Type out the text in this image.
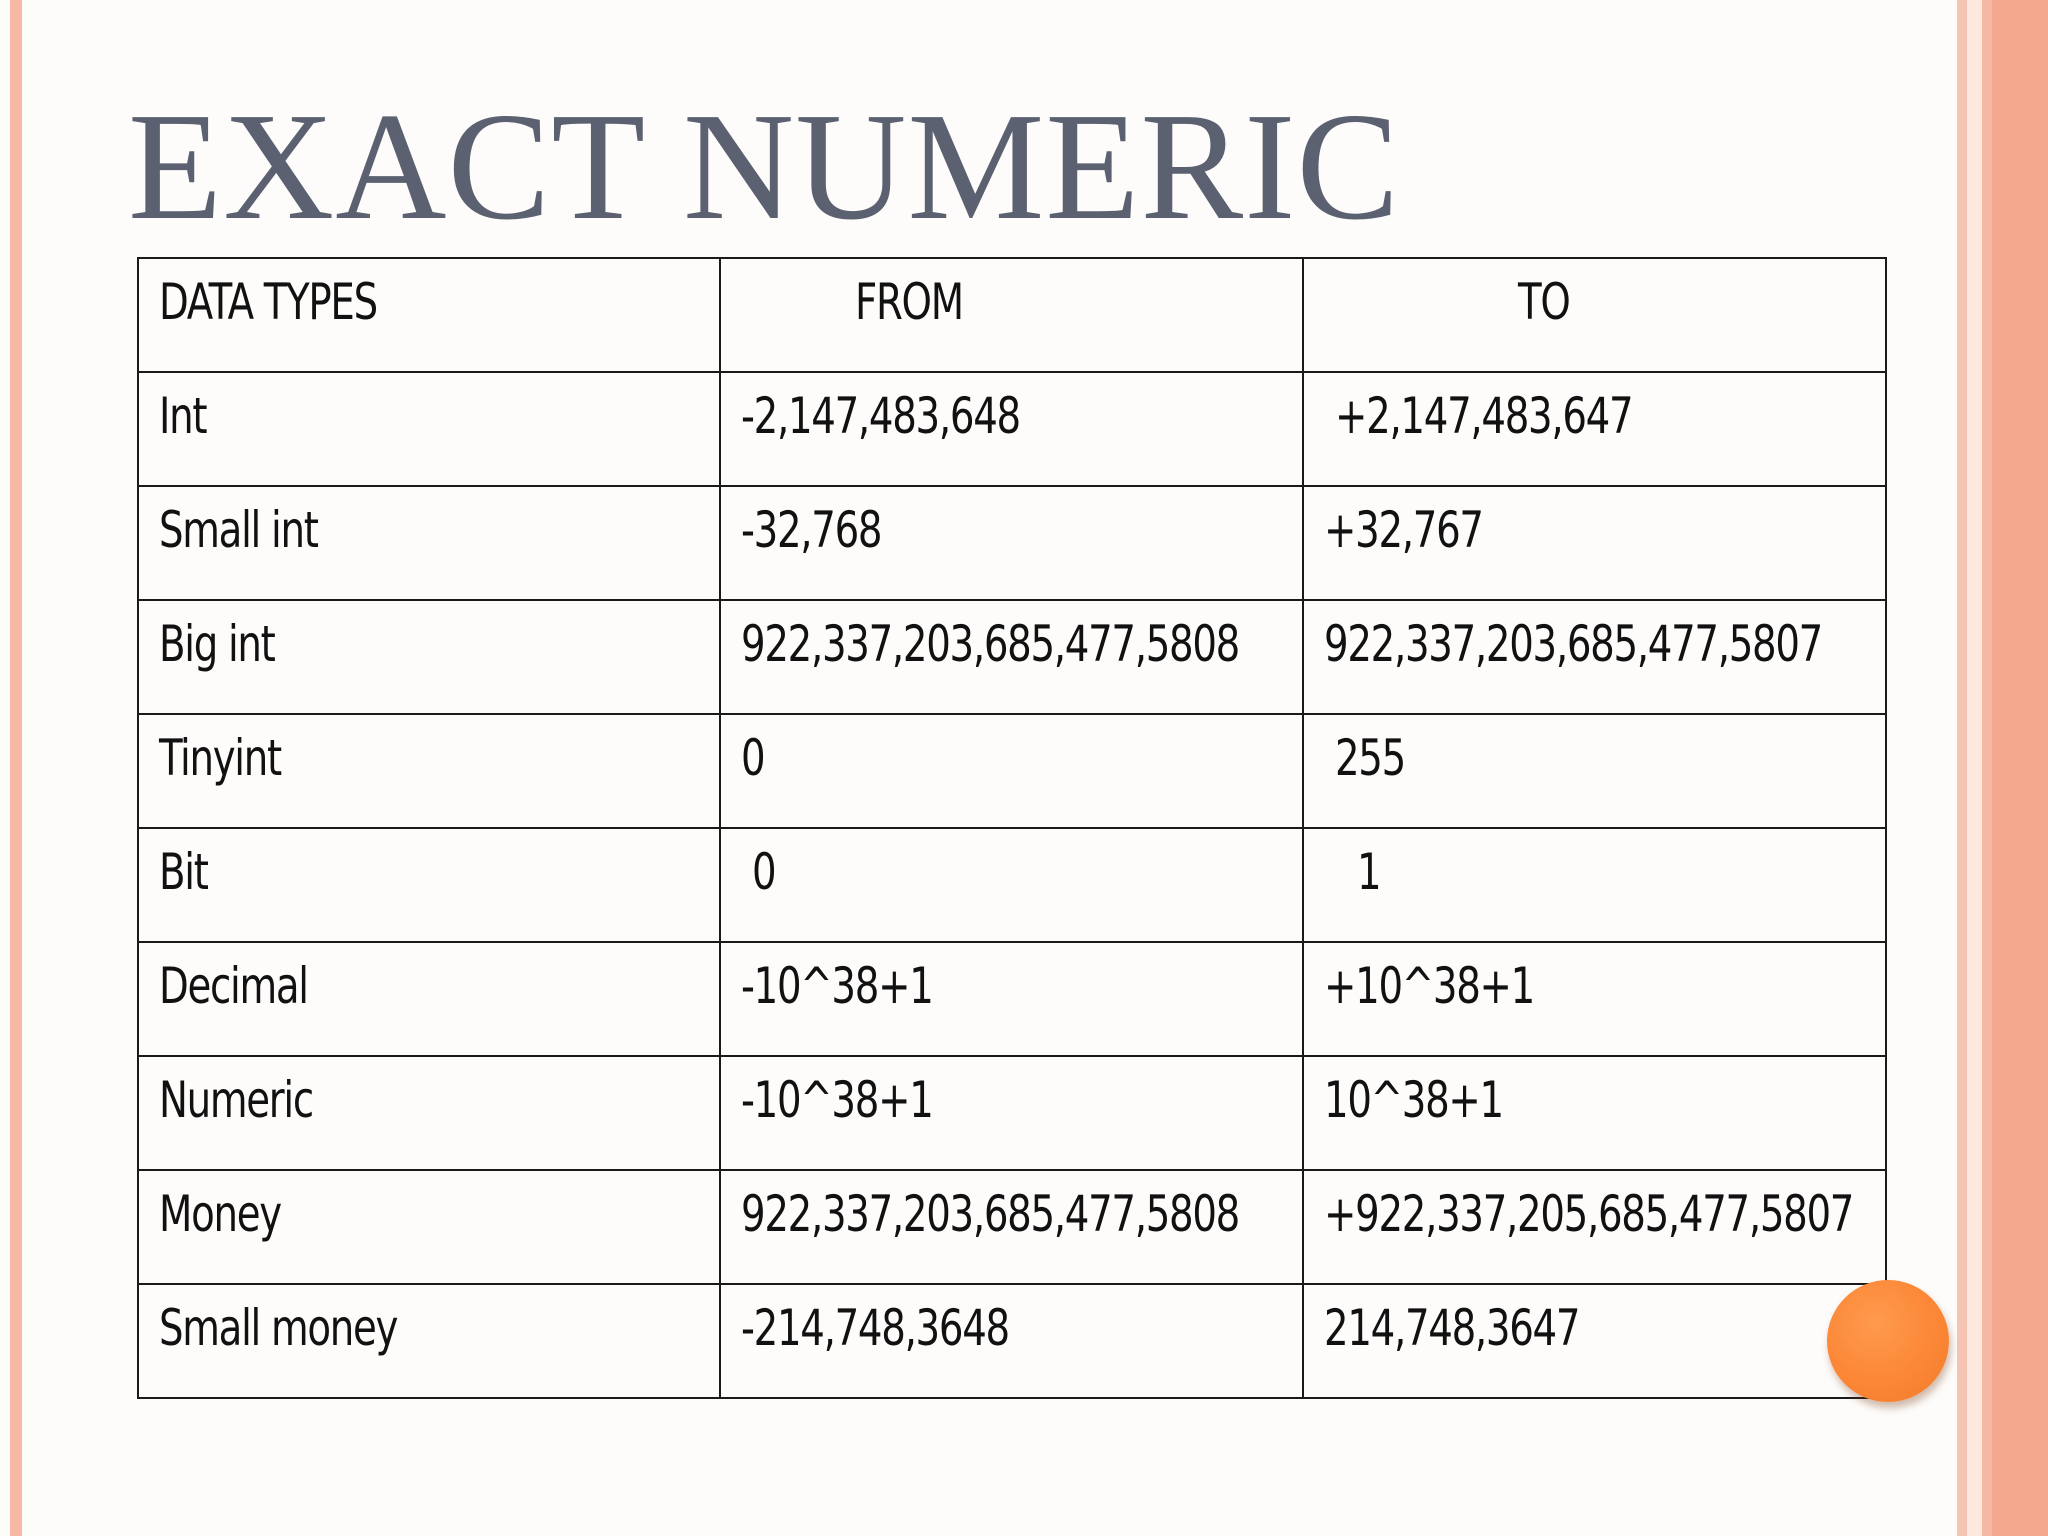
EXACT NUMERIC
DATA TYPES	FROM	TO
Int	-2,147,483,648	+2,147,483,647
Small int	-32,768	+32,767
Big int	922,337,203,685,477,5808	922,337,203,685,477,5807
Tinyint	0	255
Bit	0	1
Decimal	-10^38+1	+10^38+1
Numeric	-10^38+1	10^38+1
Money	922,337,203,685,477,5808	+922,337,205,685,477,5807
Small money	-214,748,3648	214,748,3647
